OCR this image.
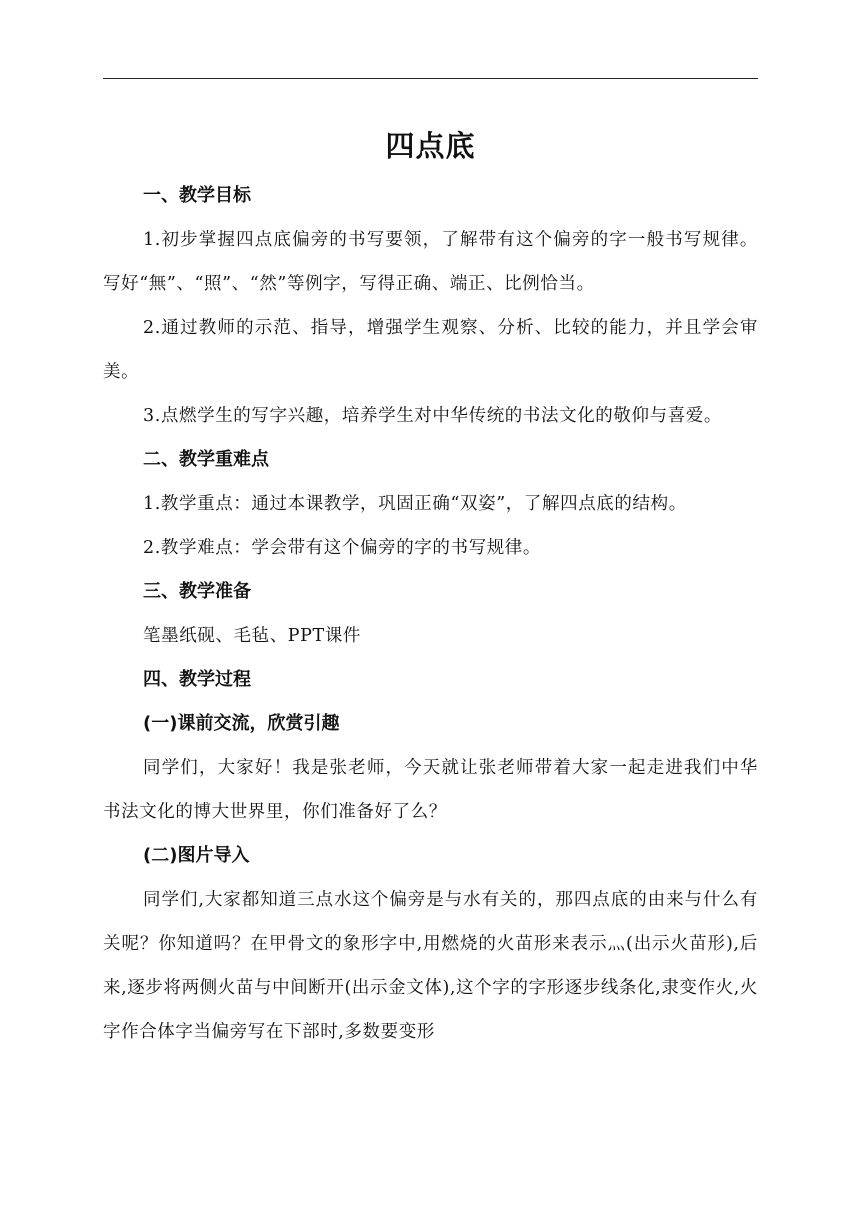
四点底
一、教学目标

1.初步掌握四点底偏旁的书写要领，了解带有这个偏旁的字一般书写规律。写好“無”、“照”、“然”等例字，写得正确、端正、比例恰当。

2.通过教师的示范、指导，增强学生观察、分析、比较的能力，并且学会审美。

3.点燃学生的写字兴趣，培养学生对中华传统的书法文化的敬仰与喜爱。

二、教学重难点

1.教学重点：通过本课教学，巩固正确“双姿”，了解四点底的结构。

2.教学难点：学会带有这个偏旁的字的书写规律。

三、教学准备

笔墨纸砚、毛毡、PPT课件

四、教学过程
(一)课前交流，欣赏引趣

同学们，大家好！我是张老师，今天就让张老师带着大家一起走进我们中华书法文化的博大世界里，你们准备好了么？

(二)图片导入

同学们,大家都知道三点水这个偏旁是与水有关的，那四点底的由来与什么有关呢？你知道吗？在甲骨文的象形字中,用燃烧的火苗形来表示灬(出示火苗形),后来,逐步将两侧火苗与中间断开(出示金文体),这个字的字形逐步线条化,隶变作火,火字作合体字当偏旁写在下部时,多数要变形
